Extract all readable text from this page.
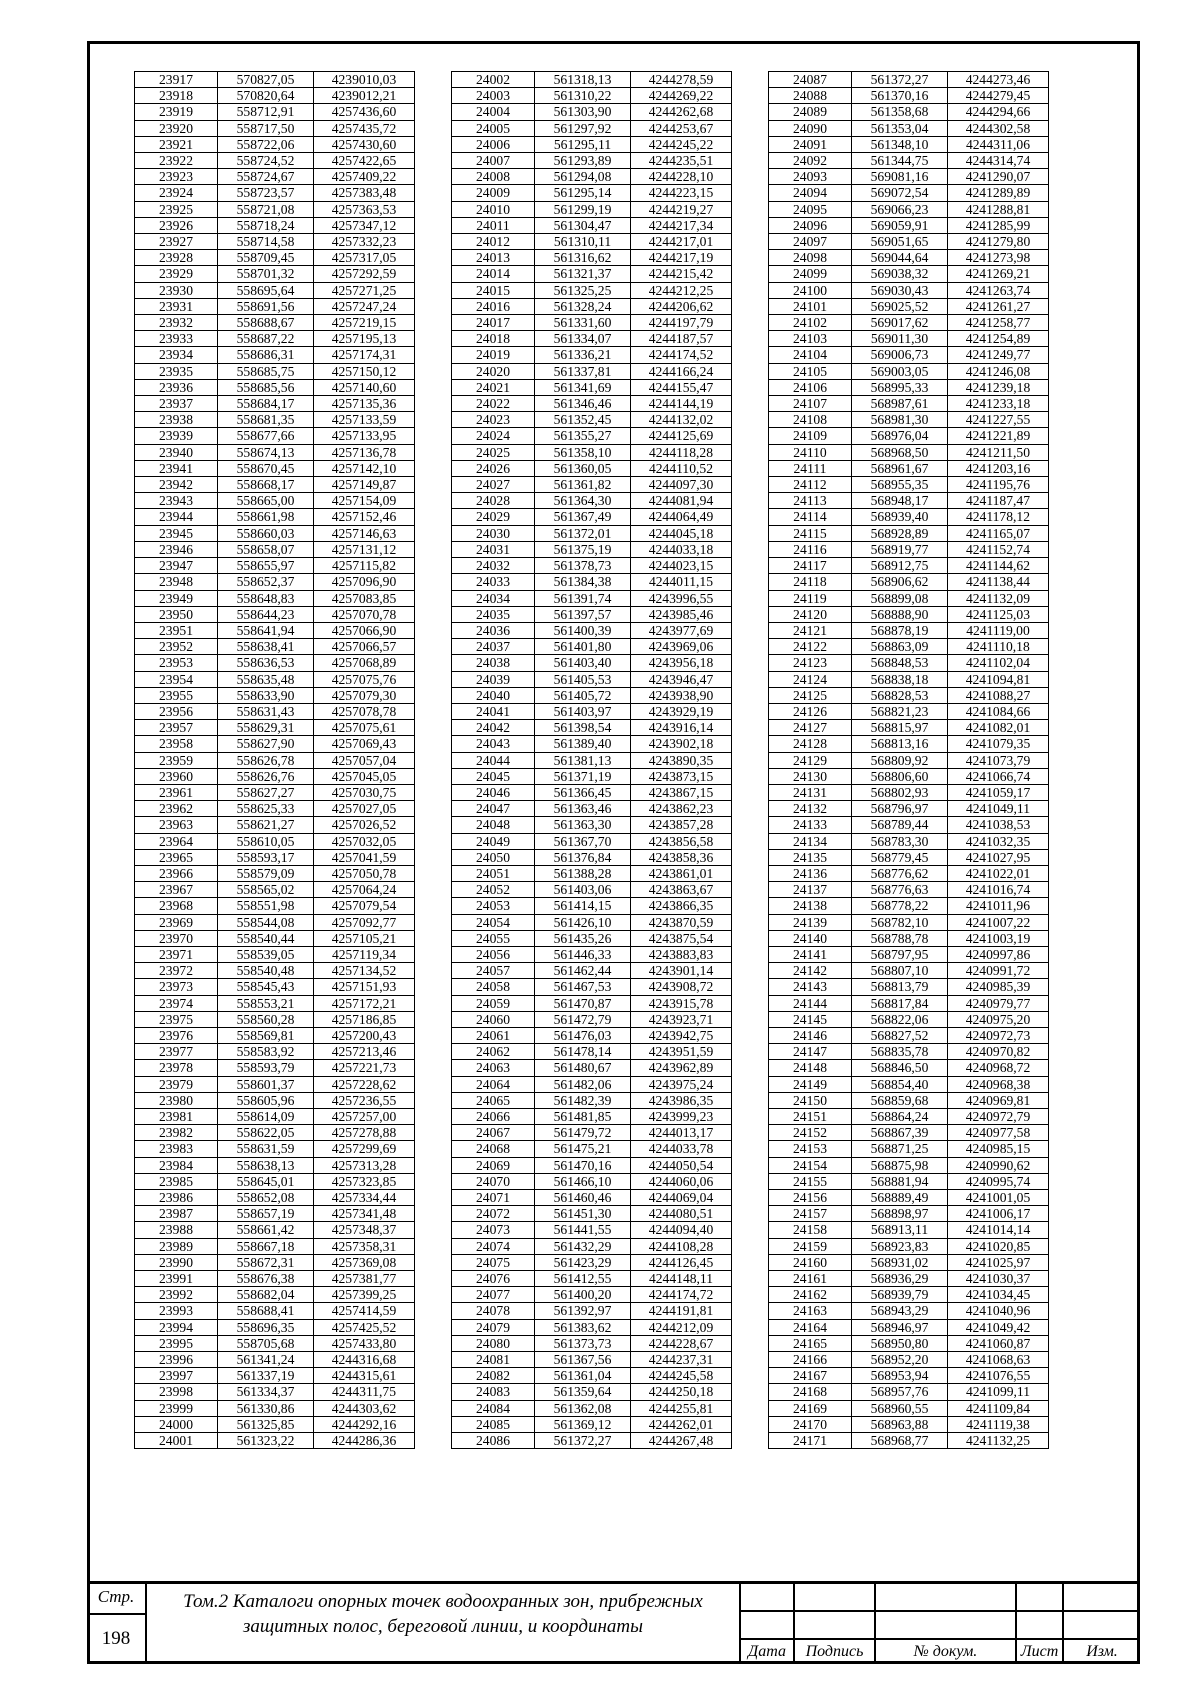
23917	570827,05	4239010,03
23918	570820,64	4239012,21
23919	558712,91	4257436,60
23920	558717,50	4257435,72
23921	558722,06	4257430,60
23922	558724,52	4257422,65
23923	558724,67	4257409,22
23924	558723,57	4257383,48
23925	558721,08	4257363,53
23926	558718,24	4257347,12
23927	558714,58	4257332,23
23928	558709,45	4257317,05
23929	558701,32	4257292,59
23930	558695,64	4257271,25
23931	558691,56	4257247,24
23932	558688,67	4257219,15
23933	558687,22	4257195,13
23934	558686,31	4257174,31
23935	558685,75	4257150,12
23936	558685,56	4257140,60
23937	558684,17	4257135,36
23938	558681,35	4257133,59
23939	558677,66	4257133,95
23940	558674,13	4257136,78
23941	558670,45	4257142,10
23942	558668,17	4257149,87
23943	558665,00	4257154,09
23944	558661,98	4257152,46
23945	558660,03	4257146,63
23946	558658,07	4257131,12
23947	558655,97	4257115,82
23948	558652,37	4257096,90
23949	558648,83	4257083,85
23950	558644,23	4257070,78
23951	558641,94	4257066,90
23952	558638,41	4257066,57
23953	558636,53	4257068,89
23954	558635,48	4257075,76
23955	558633,90	4257079,30
23956	558631,43	4257078,78
23957	558629,31	4257075,61
23958	558627,90	4257069,43
23959	558626,78	4257057,04
23960	558626,76	4257045,05
23961	558627,27	4257030,75
23962	558625,33	4257027,05
23963	558621,27	4257026,52
23964	558610,05	4257032,05
23965	558593,17	4257041,59
23966	558579,09	4257050,78
23967	558565,02	4257064,24
23968	558551,98	4257079,54
23969	558544,08	4257092,77
23970	558540,44	4257105,21
23971	558539,05	4257119,34
23972	558540,48	4257134,52
23973	558545,43	4257151,93
23974	558553,21	4257172,21
23975	558560,28	4257186,85
23976	558569,81	4257200,43
23977	558583,92	4257213,46
23978	558593,79	4257221,73
23979	558601,37	4257228,62
23980	558605,96	4257236,55
23981	558614,09	4257257,00
23982	558622,05	4257278,88
23983	558631,59	4257299,69
23984	558638,13	4257313,28
23985	558645,01	4257323,85
23986	558652,08	4257334,44
23987	558657,19	4257341,48
23988	558661,42	4257348,37
23989	558667,18	4257358,31
23990	558672,31	4257369,08
23991	558676,38	4257381,77
23992	558682,04	4257399,25
23993	558688,41	4257414,59
23994	558696,35	4257425,52
23995	558705,68	4257433,80
23996	561341,24	4244316,68
23997	561337,19	4244315,61
23998	561334,37	4244311,75
23999	561330,86	4244303,62
24000	561325,85	4244292,16
24001	561323,22	4244286,36
24002	561318,13	4244278,59
24003	561310,22	4244269,22
24004	561303,90	4244262,68
24005	561297,92	4244253,67
24006	561295,11	4244245,22
24007	561293,89	4244235,51
24008	561294,08	4244228,10
24009	561295,14	4244223,15
24010	561299,19	4244219,27
24011	561304,47	4244217,34
24012	561310,11	4244217,01
24013	561316,62	4244217,19
24014	561321,37	4244215,42
24015	561325,25	4244212,25
24016	561328,24	4244206,62
24017	561331,60	4244197,79
24018	561334,07	4244187,57
24019	561336,21	4244174,52
24020	561337,81	4244166,24
24021	561341,69	4244155,47
24022	561346,46	4244144,19
24023	561352,45	4244132,02
24024	561355,27	4244125,69
24025	561358,10	4244118,28
24026	561360,05	4244110,52
24027	561361,82	4244097,30
24028	561364,30	4244081,94
24029	561367,49	4244064,49
24030	561372,01	4244045,18
24031	561375,19	4244033,18
24032	561378,73	4244023,15
24033	561384,38	4244011,15
24034	561391,74	4243996,55
24035	561397,57	4243985,46
24036	561400,39	4243977,69
24037	561401,80	4243969,06
24038	561403,40	4243956,18
24039	561405,53	4243946,47
24040	561405,72	4243938,90
24041	561403,97	4243929,19
24042	561398,54	4243916,14
24043	561389,40	4243902,18
24044	561381,13	4243890,35
24045	561371,19	4243873,15
24046	561366,45	4243867,15
24047	561363,46	4243862,23
24048	561363,30	4243857,28
24049	561367,70	4243856,58
24050	561376,84	4243858,36
24051	561388,28	4243861,01
24052	561403,06	4243863,67
24053	561414,15	4243866,35
24054	561426,10	4243870,59
24055	561435,26	4243875,54
24056	561446,33	4243883,83
24057	561462,44	4243901,14
24058	561467,53	4243908,72
24059	561470,87	4243915,78
24060	561472,79	4243923,71
24061	561476,03	4243942,75
24062	561478,14	4243951,59
24063	561480,67	4243962,89
24064	561482,06	4243975,24
24065	561482,39	4243986,35
24066	561481,85	4243999,23
24067	561479,72	4244013,17
24068	561475,21	4244033,78
24069	561470,16	4244050,54
24070	561466,10	4244060,06
24071	561460,46	4244069,04
24072	561451,30	4244080,51
24073	561441,55	4244094,40
24074	561432,29	4244108,28
24075	561423,29	4244126,45
24076	561412,55	4244148,11
24077	561400,20	4244174,72
24078	561392,97	4244191,81
24079	561383,62	4244212,09
24080	561373,73	4244228,67
24081	561367,56	4244237,31
24082	561361,04	4244245,58
24083	561359,64	4244250,18
24084	561362,08	4244255,81
24085	561369,12	4244262,01
24086	561372,27	4244267,48
24087	561372,27	4244273,46
24088	561370,16	4244279,45
24089	561358,68	4244294,66
24090	561353,04	4244302,58
24091	561348,10	4244311,06
24092	561344,75	4244314,74
24093	569081,16	4241290,07
24094	569072,54	4241289,89
24095	569066,23	4241288,81
24096	569059,91	4241285,99
24097	569051,65	4241279,80
24098	569044,64	4241273,98
24099	569038,32	4241269,21
24100	569030,43	4241263,74
24101	569025,52	4241261,27
24102	569017,62	4241258,77
24103	569011,30	4241254,89
24104	569006,73	4241249,77
24105	569003,05	4241246,08
24106	568995,33	4241239,18
24107	568987,61	4241233,18
24108	568981,30	4241227,55
24109	568976,04	4241221,89
24110	568968,50	4241211,50
24111	568961,67	4241203,16
24112	568955,35	4241195,76
24113	568948,17	4241187,47
24114	568939,40	4241178,12
24115	568928,89	4241165,07
24116	568919,77	4241152,74
24117	568912,75	4241144,62
24118	568906,62	4241138,44
24119	568899,08	4241132,09
24120	568888,90	4241125,03
24121	568878,19	4241119,00
24122	568863,09	4241110,18
24123	568848,53	4241102,04
24124	568838,18	4241094,81
24125	568828,53	4241088,27
24126	568821,23	4241084,66
24127	568815,97	4241082,01
24128	568813,16	4241079,35
24129	568809,92	4241073,79
24130	568806,60	4241066,74
24131	568802,93	4241059,17
24132	568796,97	4241049,11
24133	568789,44	4241038,53
24134	568783,30	4241032,35
24135	568779,45	4241027,95
24136	568776,62	4241022,01
24137	568776,63	4241016,74
24138	568778,22	4241011,96
24139	568782,10	4241007,22
24140	568788,78	4241003,19
24141	568797,95	4240997,86
24142	568807,10	4240991,72
24143	568813,79	4240985,39
24144	568817,84	4240979,77
24145	568822,06	4240975,20
24146	568827,52	4240972,73
24147	568835,78	4240970,82
24148	568846,50	4240968,72
24149	568854,40	4240968,38
24150	568859,68	4240969,81
24151	568864,24	4240972,79
24152	568867,39	4240977,58
24153	568871,25	4240985,15
24154	568875,98	4240990,62
24155	568881,94	4240995,74
24156	568889,49	4241001,05
24157	568898,97	4241006,17
24158	568913,11	4241014,14
24159	568923,83	4241020,85
24160	568931,02	4241025,97
24161	568936,29	4241030,37
24162	568939,79	4241034,45
24163	568943,29	4241040,96
24164	568946,97	4241049,42
24165	568950,80	4241060,87
24166	568952,20	4241068,63
24167	568953,94	4241076,55
24168	568957,76	4241099,11
24169	568960,55	4241109,84
24170	568963,88	4241119,38
24171	568968,77	4241132,25
Стр.
198
Том.2 Каталоги опорных точек водоохранных зон, прибрежных защитных полос, береговой линии, и координаты
Дата	Подпись	№ докум.	Лист	Изм.
